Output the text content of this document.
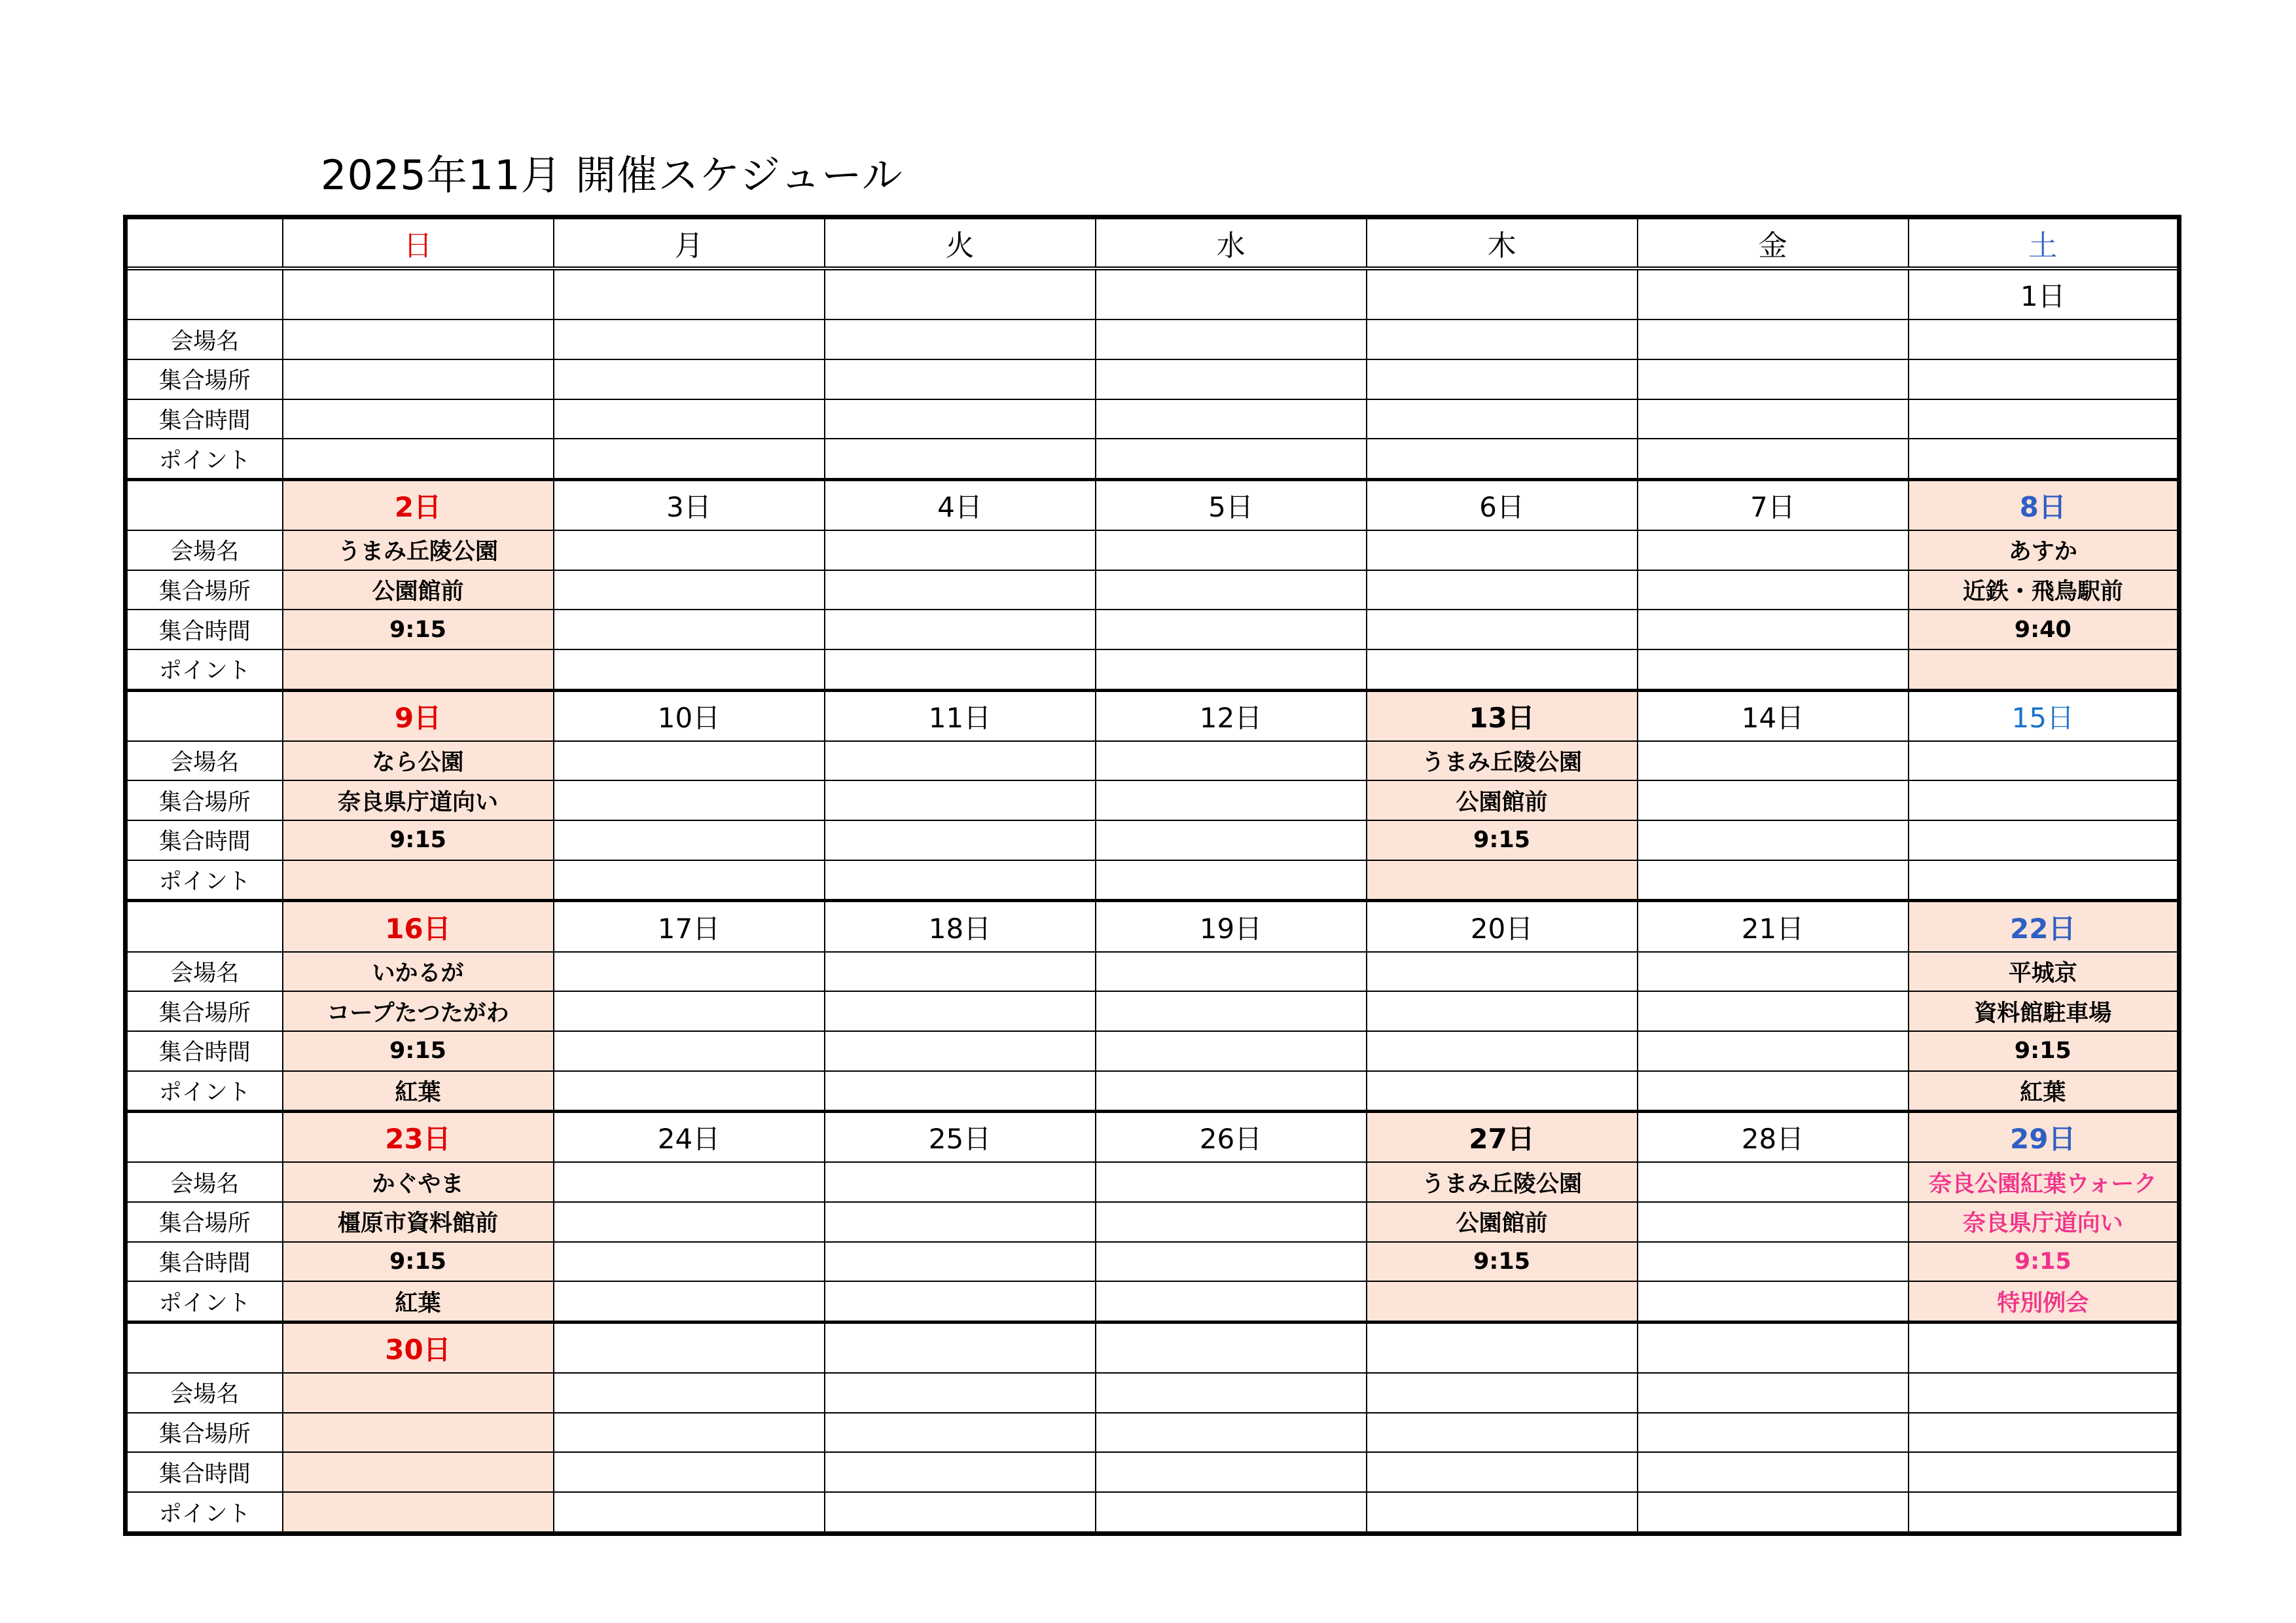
2025年11月 開催スケジュール
	日	月	火	水	木	金	土
							1日
会場名							
集合場所							
集合時間							
ポイント							
	2日	3日	4日	5日	6日	7日	8日
会場名	うまみ丘陵公園						あすか
集合場所	公園館前						近鉄・飛鳥駅前
集合時間	9:15						9:40
ポイント							
	9日	10日	11日	12日	13日	14日	15日
会場名	なら公園				うまみ丘陵公園		
集合場所	奈良県庁道向い				公園館前		
集合時間	9:15				9:15		
ポイント							
	16日	17日	18日	19日	20日	21日	22日
会場名	いかるが						平城京
集合場所	コープたつたがわ						資料館駐車場
集合時間	9:15						9:15
ポイント	紅葉						紅葉
	23日	24日	25日	26日	27日	28日	29日
会場名	かぐやま				うまみ丘陵公園		奈良公園紅葉ウォーク
集合場所	橿原市資料館前				公園館前		奈良県庁道向い
集合時間	9:15				9:15		9:15
ポイント	紅葉						特別例会
	30日						
会場名							
集合場所							
集合時間							
ポイント							
